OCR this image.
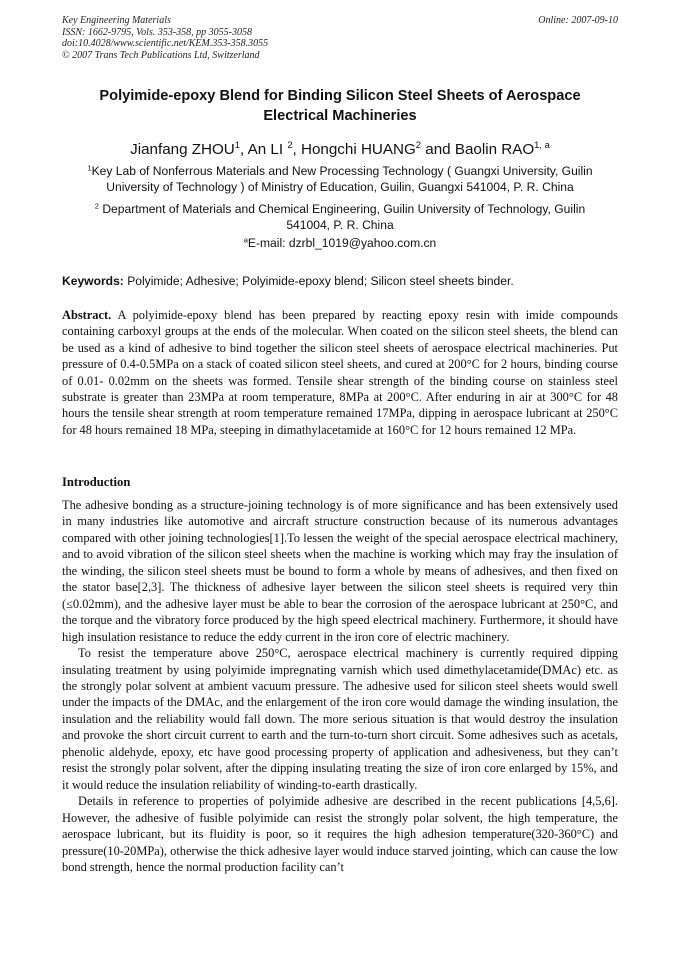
Key Engineering Materials
ISSN: 1662-9795, Vols. 353-358, pp 3055-3058
doi:10.4028/www.scientific.net/KEM.353-358.3055
© 2007 Trans Tech Publications Ltd, Switzerland
Online: 2007-09-10
Polyimide-epoxy Blend for Binding Silicon Steel Sheets of Aerospace
Electrical Machineries
Jianfang ZHOU$^1$, An LI $^2$, Hongchi HUANG$^2$ and Baolin RAO$^{1, a}$
$^1$Key Lab of Nonferrous Materials and New Processing Technology ( Guangxi University, Guilin
University of Technology ) of Ministry of Education, Guilin, Guangxi 541004, P. R. China
$^2$ Department of Materials and Chemical Engineering, Guilin University of Technology, Guilin
541004, P. R. China
$^a$E-mail: dzrbl_1019@yahoo.com.cn
Keywords: Polyimide; Adhesive; Polyimide-epoxy blend; Silicon steel sheets binder.
Abstract. A polyimide-epoxy blend has been prepared by reacting epoxy resin with imide compounds containing carboxyl groups at the ends of the molecular. When coated on the silicon steel sheets, the blend can be used as a kind of adhesive to bind together the silicon steel sheets of aerospace electrical machineries. Put pressure of 0.4-0.5MPa on a stack of coated silicon steel sheets, and cured at 200°C for 2 hours, binding course of 0.01- 0.02mm on the sheets was formed. Tensile shear strength of the binding course on stainless steel substrate is greater than 23MPa at room temperature, 8MPa at 200°C. After enduring in air at 300°C for 48 hours the tensile shear strength at room temperature remained 17MPa, dipping in aerospace lubricant at 250°C for 48 hours remained 18 MPa, steeping in dimathylacetamide at 160°C for 12 hours remained 12 MPa.
Introduction

The adhesive bonding as a structure-joining technology is of more significance and has been extensively used in many industries like automotive and aircraft structure construction because of its numerous advantages compared with other joining technologies[1].To lessen the weight of the special aerospace electrical machinery, and to avoid vibration of the silicon steel sheets when the machine is working which may fray the insulation of the winding, the silicon steel sheets must be bound to form a whole by means of adhesives, and then fixed on the stator base[2,3]. The thickness of adhesive layer between the silicon steel sheets is required very thin (≤0.02mm), and the adhesive layer must be able to bear the corrosion of the aerospace lubricant at 250°C, and the torque and the vibratory force produced by the high speed electrical machinery. Furthermore, it should have high insulation resistance to reduce the eddy current in the iron core of electric machinery.

To resist the temperature above 250°C, aerospace electrical machinery is currently required dipping insulating treatment by using polyimide impregnating varnish which used dimethylacetamide(DMAc) etc. as the strongly polar solvent at ambient vacuum pressure. The adhesive used for silicon steel sheets would swell under the impacts of the DMAc, and the enlargement of the iron core would damage the winding insulation, the insulation and the reliability would fall down. The more serious situation is that would destroy the insulation and provoke the short circuit current to earth and the turn-to-turn short circuit. Some adhesives such as acetals, phenolic aldehyde, epoxy, etc have good processing property of application and adhesiveness, but they can’t resist the strongly polar solvent, after the dipping insulating treating the size of iron core enlarged by 15%, and it would reduce the insulation reliability of winding-to-earth drastically.

Details in reference to properties of polyimide adhesive are described in the recent publications [4,5,6]. However, the adhesive of fusible polyimide can resist the strongly polar solvent, the high temperature, the aerospace lubricant, but its fluidity is poor, so it requires the high adhesion temperature(320-360°C) and pressure(10-20MPa), otherwise the thick adhesive layer would induce starved jointing, which can cause the low bond strength, hence the normal production facility can’t
